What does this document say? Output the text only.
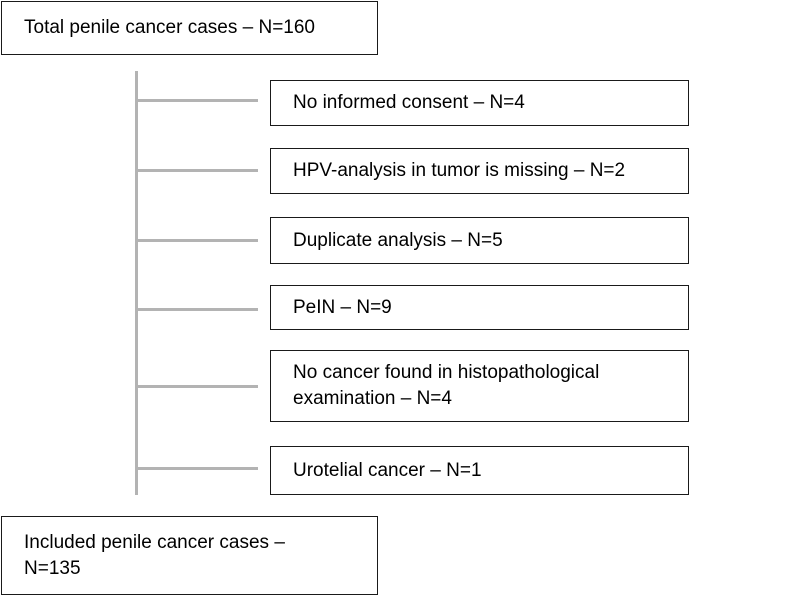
Total penile cancer cases – N=160
No informed consent – N=4
HPV-analysis in tumor is missing – N=2
Duplicate analysis – N=5
PeIN – N=9
No cancer found in histopathological examination – N=4
Urotelial cancer – N=1
Included penile cancer cases – N=135
